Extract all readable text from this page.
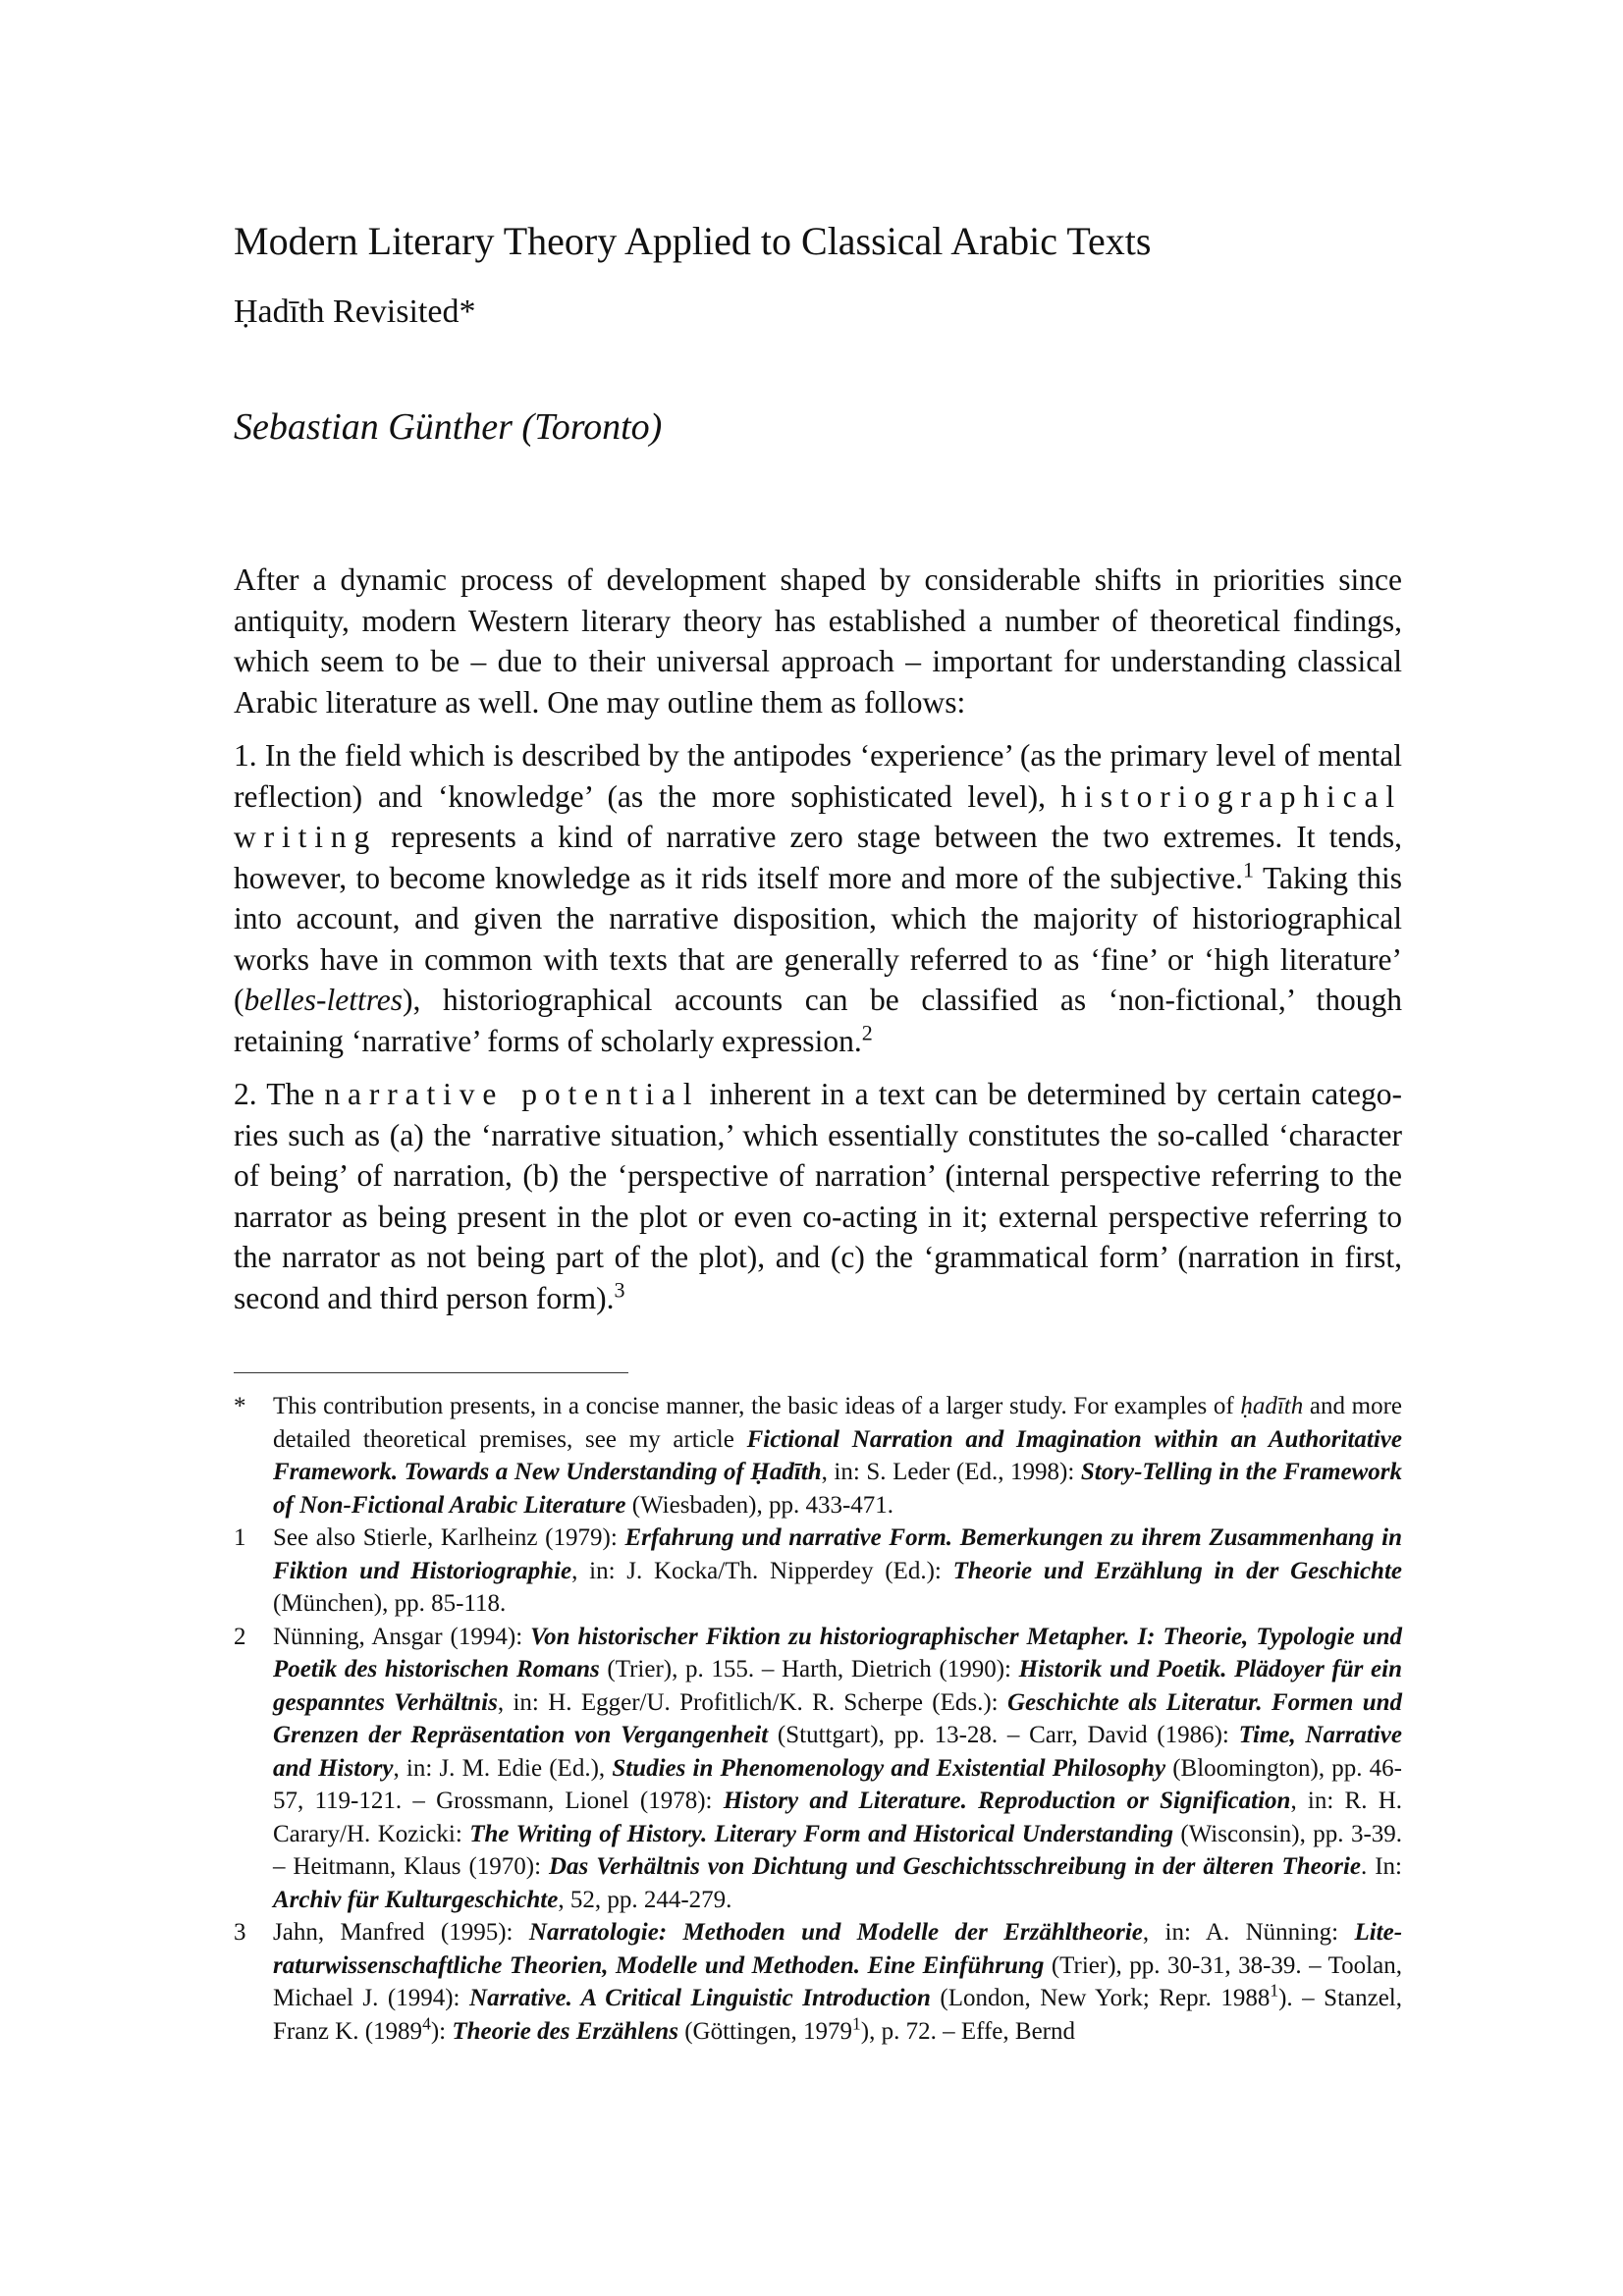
Modern Literary Theory Applied to Classical Arabic Texts
Ḥadīth Revisited*
Sebastian Günther (Toronto)

After a dynamic process of development shaped by considerable shifts in priorities since antiquity, modern Western literary theory has established a number of theoretical findings, which seem to be – due to their universal approach – important for understanding classical Arabic literature as well. One may outline them as follows:

1. In the field which is described by the antipodes ‘experience’ (as the primary level of mental reflection) and ‘knowledge’ (as the more sophisticated level), historiographical writing represents a kind of narrative zero stage between the two extremes. It tends, however, to become knowledge as it rids itself more and more of the subjective.$^1$ Taking this into account, and given the narrative disposition, which the majority of historiographical works have in common with texts that are generally referred to as ‘fine’ or ‘high literature’ (belles-lettres), historiographical accounts can be classified as ‘non-fictional,’ though retaining ‘narrative’ forms of scholarly expression.$^2$

2. The narrative potential inherent in a text can be determined by certain categories such as (a) the ‘narrative situation,’ which essentially constitutes the so-called ‘character of being’ of narration, (b) the ‘perspective of narration’ (internal perspective referring to the narrator as being present in the plot or even co-acting in it; external perspective referring to the narrator as not being part of the plot), and (c) the ‘grammatical form’ (narration in first, second and third person form).$^3$

*	This contribution presents, in a concise manner, the basic ideas of a larger study. For examples of ḥadīth and more detailed theoretical premises, see my article Fictional Narration and Imagination within an Authoritative Framework. Towards a New Understanding of Ḥadīth, in: S. Leder (Ed., 1998): Story-Telling in the Framework of Non-Fictional Arabic Literature (Wiesbaden), pp. 433-471.
1	See also Stierle, Karlheinz (1979): Erfahrung und narrative Form. Bemerkungen zu ihrem Zusammenhang in Fiktion und Historiographie, in: J. Kocka/Th. Nipperdey (Ed.): Theorie und Erzählung in der Geschichte (München), pp. 85-118.
2	Nünning, Ansgar (1994): Von historischer Fiktion zu historiographischer Metapher. I: Theorie, Typologie und Poetik des historischen Romans (Trier), p. 155. – Harth, Dietrich (1990): Historik und Poetik. Plädoyer für ein gespanntes Verhältnis, in: H. Egger/U. Profitlich/K. R. Scherpe (Eds.): Geschichte als Literatur. Formen und Grenzen der Repräsentation von Vergangenheit (Stuttgart), pp. 13-28. – Carr, David (1986): Time, Narrative and History, in: J. M. Edie (Ed.), Studies in Phenomenology and Existential Philosophy (Bloomington), pp. 46-57, 119-121. – Grossmann, Lionel (1978): History and Literature. Reproduction or Signification, in: R. H. Carary/H. Kozicki: The Writing of History. Literary Form and Historical Understanding (Wisconsin), pp. 3-39. – Heitmann, Klaus (1970): Das Verhältnis von Dichtung und Geschichtsschreibung in der älteren Theorie. In: Archiv für Kulturgeschichte, 52, pp. 244-279.
3	Jahn, Manfred (1995): Narratologie: Methoden und Modelle der Erzähltheorie, in: A. Nünning: Literaturwissenschaftliche Theorien, Modelle und Methoden. Eine Einführung (Trier), pp. 30-31, 38-39. – Toolan, Michael J. (1994): Narrative. A Critical Linguistic Introduction (London, New York; Repr. 1988$^1$). – Stanzel, Franz K. (1989$^4$): Theorie des Erzählens (Göttingen, 1979$^1$), p. 72. – Effe, Bernd
